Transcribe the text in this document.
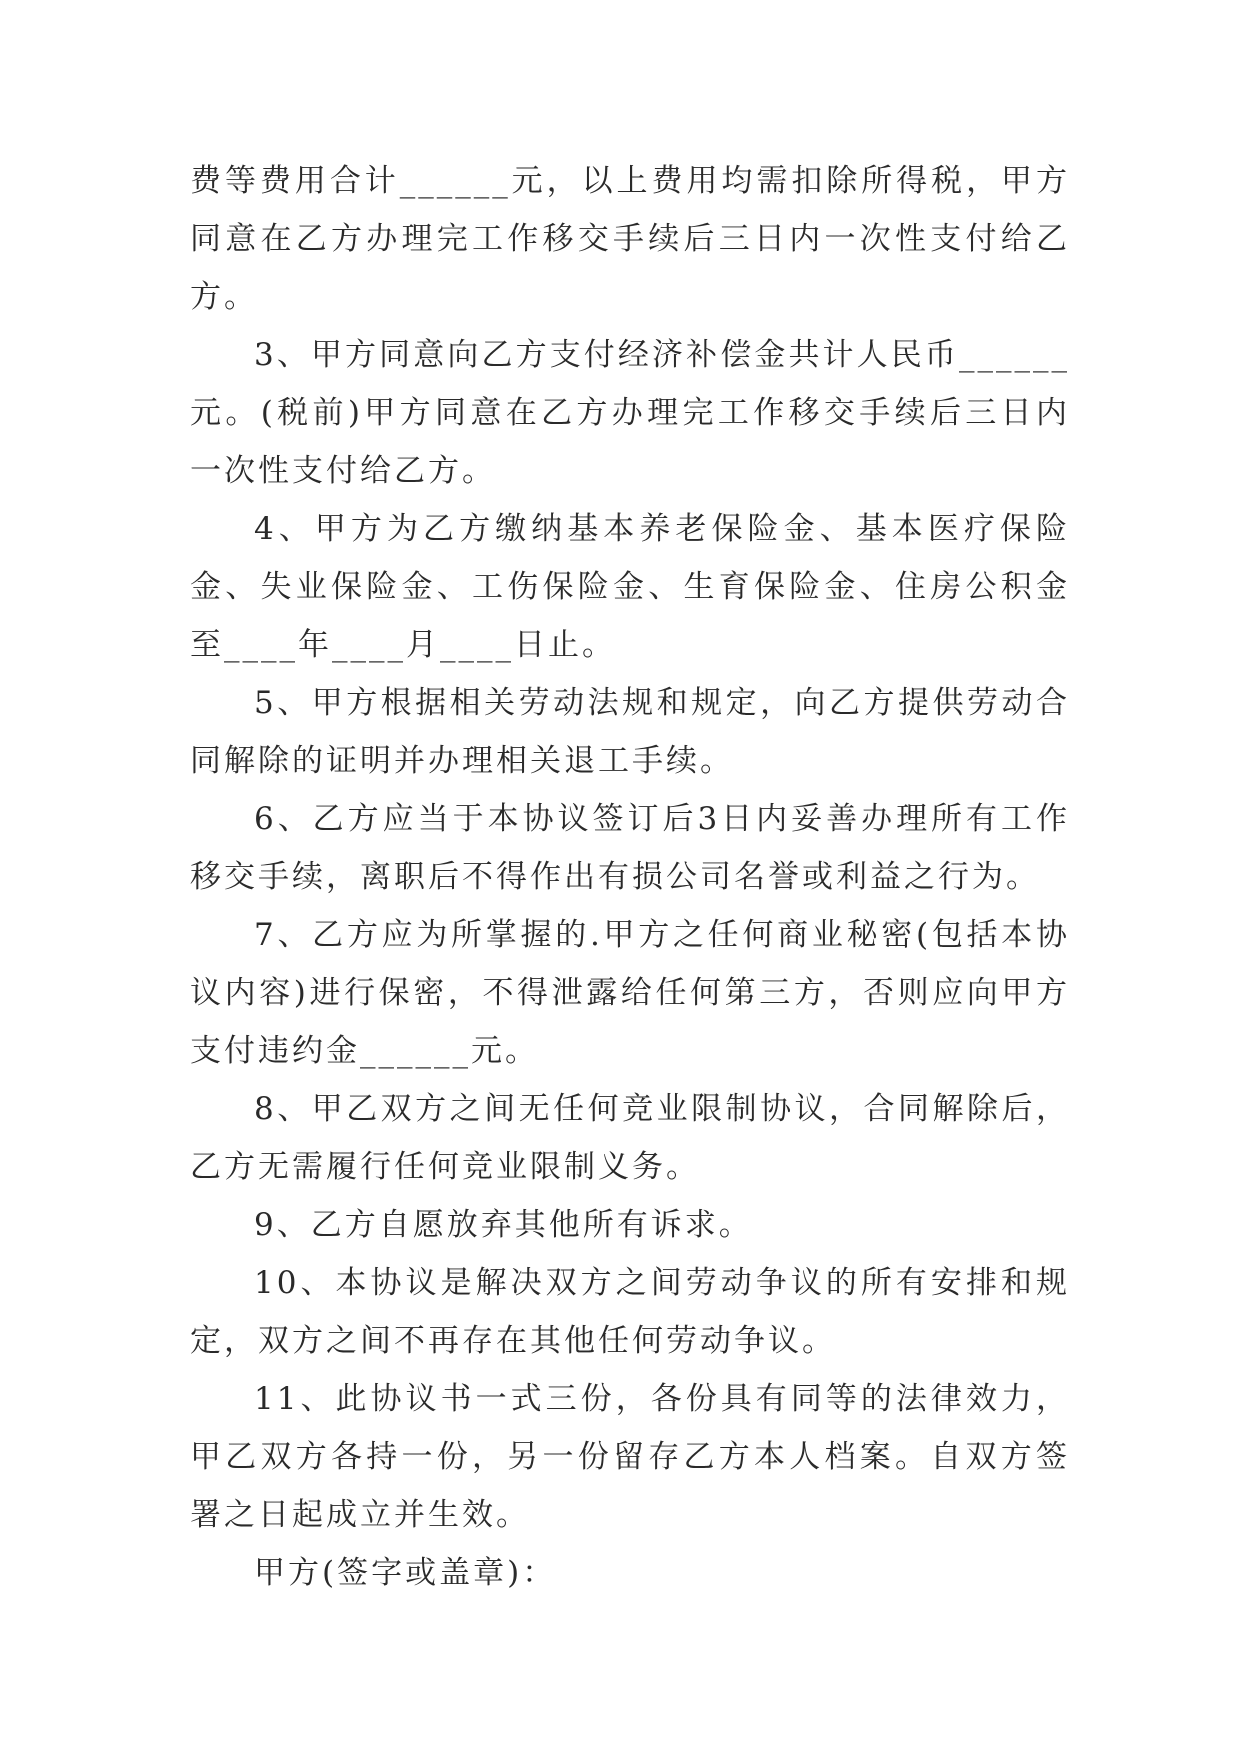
费等费用合计______元，以上费用均需扣除所得税，甲方同意在乙方办理完工作移交手续后三日内一次性支付给乙方。

3、甲方同意向乙方支付经济补偿金共计人民币______元。(税前)甲方同意在乙方办理完工作移交手续后三日内一次性支付给乙方。

4、甲方为乙方缴纳基本养老保险金、基本医疗保险金、失业保险金、工伤保险金、生育保险金、住房公积金至____年____月____日止。

5、甲方根据相关劳动法规和规定，向乙方提供劳动合同解除的证明并办理相关退工手续。

6、乙方应当于本协议签订后3日内妥善办理所有工作移交手续，离职后不得作出有损公司名誉或利益之行为。

7、乙方应为所掌握的.甲方之任何商业秘密(包括本协议内容)进行保密，不得泄露给任何第三方，否则应向甲方支付违约金______元。

8、甲乙双方之间无任何竞业限制协议，合同解除后，乙方无需履行任何竞业限制义务。

9、乙方自愿放弃其他所有诉求。

10、本协议是解决双方之间劳动争议的所有安排和规定，双方之间不再存在其他任何劳动争议。

11、此协议书一式三份，各份具有同等的法律效力，甲乙双方各持一份，另一份留存乙方本人档案。自双方签署之日起成立并生效。

甲方(签字或盖章)：
